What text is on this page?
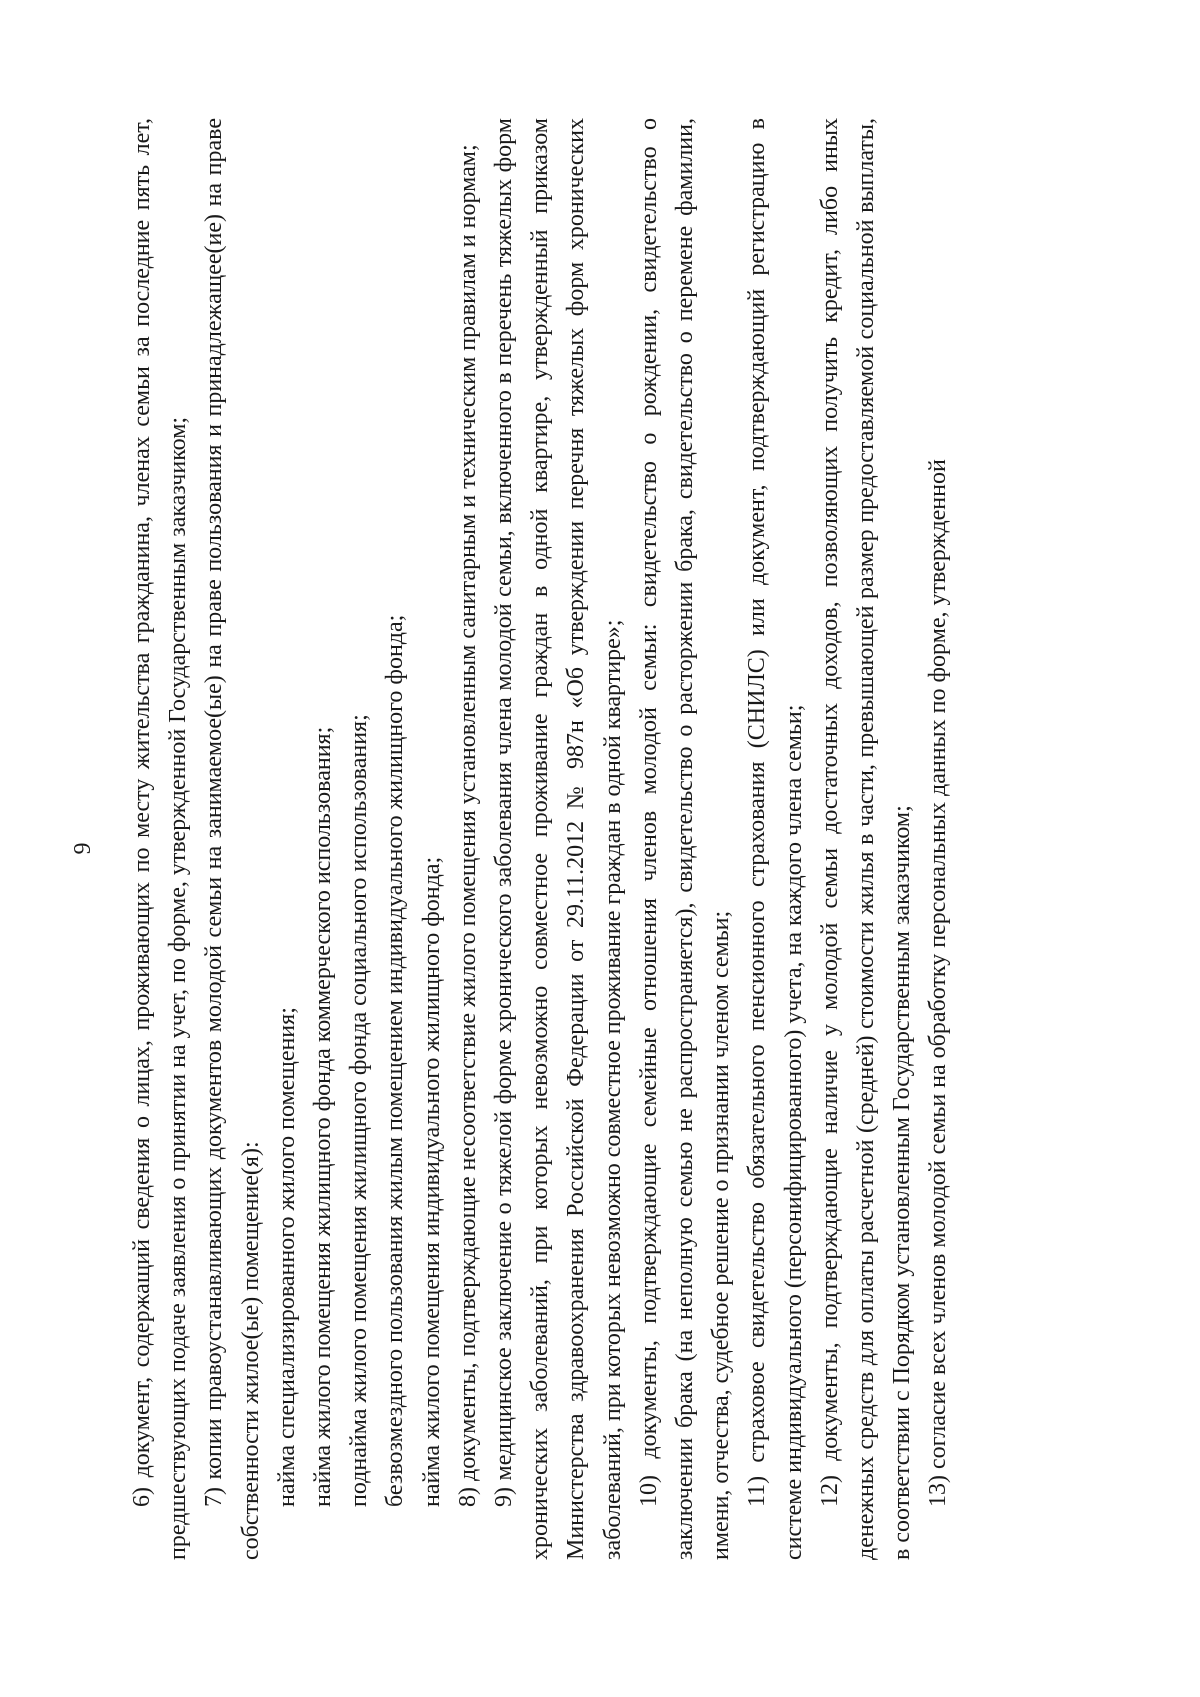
9 6) документ, содержащий сведения о лицах, проживающих по месту жительства гражданина, членах семьи за последние пять лет, предшествующих подаче заявления о принятии на учет, по форме, утвержденной Государственным заказчиком; 7) копии правоустанавливающих документов молодой семьи на занимаемое(ые) на праве пользования и принадлежащее(ие) на праве собственности жилое(ые) помещение(я): найма специализированного жилого помещения; найма жилого помещения жилищного фонда коммерческого использования; поднайма жилого помещения жилищного фонда социального использования; безвозмездного пользования жилым помещением индивидуального жилищного фонда; найма жилого помещения индивидуального жилищного фонда; 8) документы, подтверждающие несоответствие жилого помещения установленным санитарным и техническим правилам и нормам; 9) медицинское заключение о тяжелой форме хронического заболевания члена молодой семьи, включенного в перечень тяжелых форм хронических заболеваний, при которых невозможно совместное проживание граждан в одной квартире, утвержденный приказом Министерства здравоохранения Российской Федерации от 29.11.2012 № 987н «Об утверждении перечня тяжелых форм хронических заболеваний, при которых невозможно совместное проживание граждан в одной квартире»; 10) документы, подтверждающие семейные отношения членов молодой семьи: свидетельство о рождении, свидетельство о заключении брака (на неполную семью не распространяется), свидетельство о расторжении брака, свидетельство о перемене фамилии, имени, отчества, судебное решение о признании членом семьи; 11) страховое свидетельство обязательного пенсионного страхования (СНИЛС) или документ, подтверждающий регистрацию в системе индивидуального (персонифицированного) учета, на каждого члена семьи; 12) документы, подтверждающие наличие у молодой семьи достаточных доходов, позволяющих получить кредит, либо иных денежных средств для оплаты расчетной (средней) стоимости жилья в части, превышающей размер предоставляемой социальной выплаты, в соответствии с Порядком установленным Государственным заказчиком; 13) согласие всех членов молодой семьи на обработку персональных данных по форме, утвержденной
